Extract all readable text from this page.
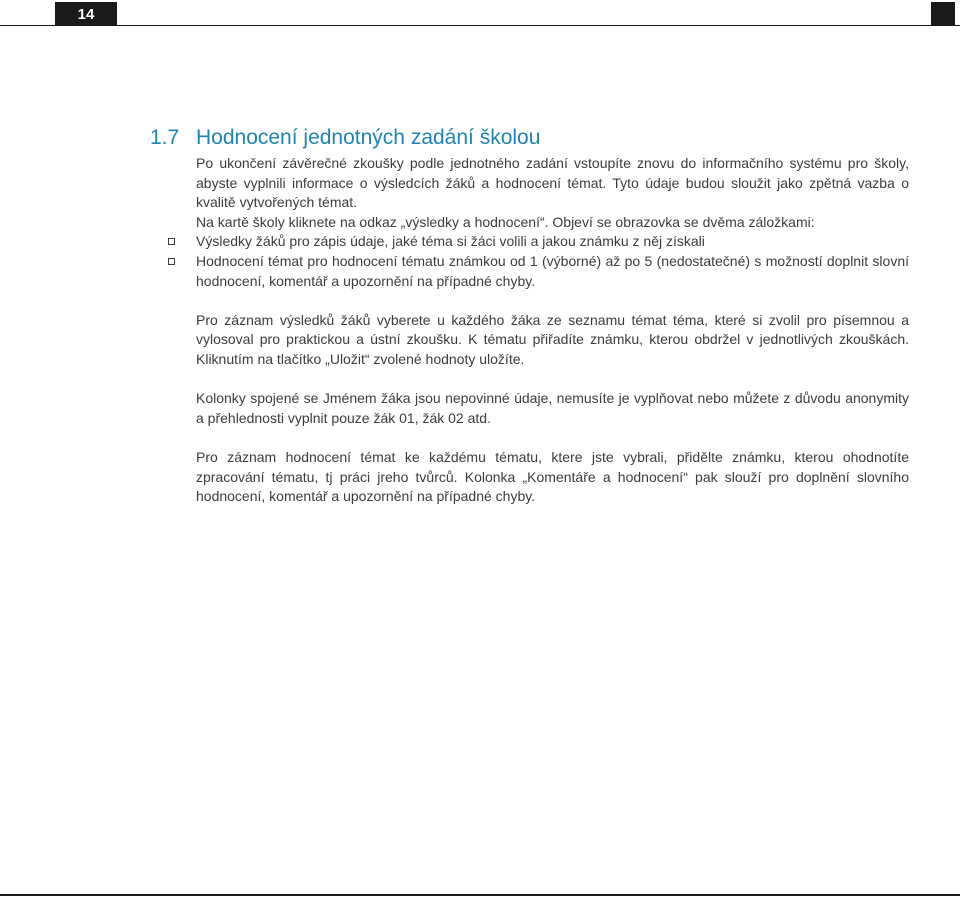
14
1.7 Hodnocení jednotných zadání školou

Po ukončení závěrečné zkoušky podle jednotného zadání vstoupíte znovu do informačního systému pro školy, abyste vyplnili informace o výsledcích žáků a hodnocení témat. Tyto údaje budou sloužit jako zpětná vazba o kvalitě vytvořených témat.

Na kartě školy kliknete na odkaz „výsledky a hodnocení“. Objeví se obrazovka se dvěma záložkami:

Výsledky žáků pro zápis údaje, jaké téma si žáci volili a jakou známku z něj získali
Hodnocení témat pro hodnocení tématu známkou od 1 (výborné) až po 5 (nedostatečné) s možností doplnit slovní hodnocení, komentář a upozornění na případné chyby.

Pro záznam výsledků žáků vyberete u každého žáka ze seznamu témat téma, které si zvolil pro písemnou a vylosoval pro praktickou a ústní zkoušku. K tématu přiřadíte známku, kterou obdržel v jednotlivých zkouškách. Kliknutím na tlačítko „Uložit“ zvolené hodnoty uložíte.

Kolonky spojené se Jménem žáka jsou nepovinné údaje, nemusíte je vyplňovat nebo můžete z důvodu anonymity a přehlednosti vyplnit pouze žák 01, žák 02 atd.

Pro záznam hodnocení témat ke každému tématu, ktere jste vybrali, přidělte známku, kterou ohodnotíte zpracování tématu, tj práci jreho tvůrců. Kolonka „Komentáře a hodnocení“ pak slouží pro doplnění slovního hodnocení, komentář a upozornění na případné chyby.
